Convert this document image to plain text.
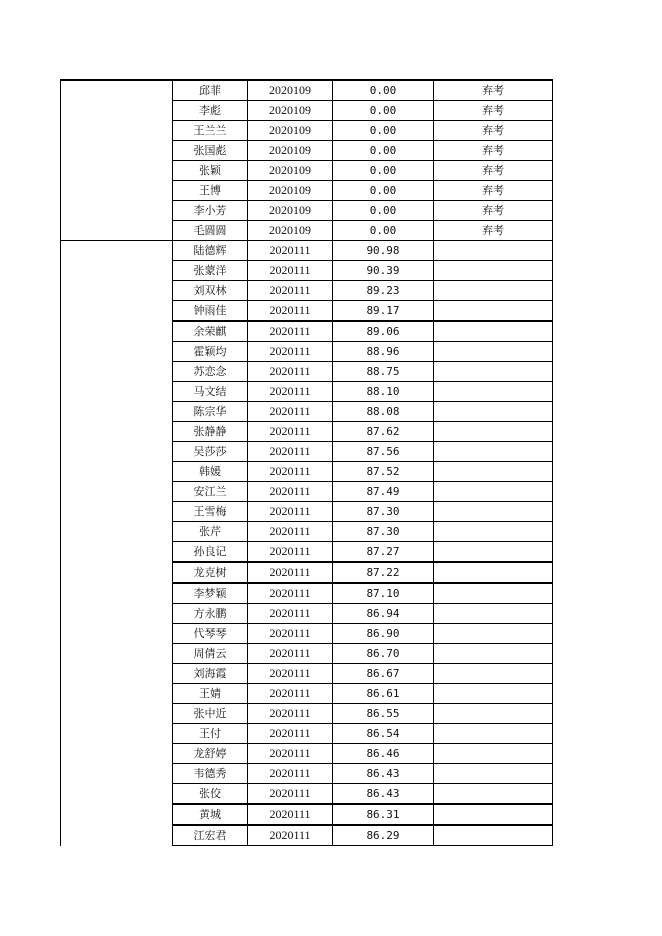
	邱菲	2020109	0.00	弃考
	李彪	2020109	0.00	弃考
	王兰兰	2020109	0.00	弃考
	张国彪	2020109	0.00	弃考
	张颖	2020109	0.00	弃考
	王博	2020109	0.00	弃考
	李小芳	2020109	0.00	弃考
	毛圆圆	2020109	0.00	弃考
	陆德辉	2020111	90.98	
	张蒙洋	2020111	90.39	
	刘双林	2020111	89.23	
	钟雨佳	2020111	89.17	
	余荣麒	2020111	89.06	
	霍颖均	2020111	88.96	
	苏恋念	2020111	88.75	
	马文结	2020111	88.10	
	陈宗华	2020111	88.08	
	张静静	2020111	87.62	
	吴莎莎	2020111	87.56	
	韩媛	2020111	87.52	
	安江兰	2020111	87.49	
	王雪梅	2020111	87.30	
	张芹	2020111	87.30	
	孙良记	2020111	87.27	
	龙克树	2020111	87.22	
	李梦颖	2020111	87.10	
	方永鹏	2020111	86.94	
	代琴琴	2020111	86.90	
	周倩云	2020111	86.70	
	刘海霞	2020111	86.67	
	王婧	2020111	86.61	
	张中近	2020111	86.55	
	王付	2020111	86.54	
	龙舒婷	2020111	86.46	
	韦德秀	2020111	86.43	
	张佼	2020111	86.43	
	黄城	2020111	86.31	
	江宏君	2020111	86.29	
